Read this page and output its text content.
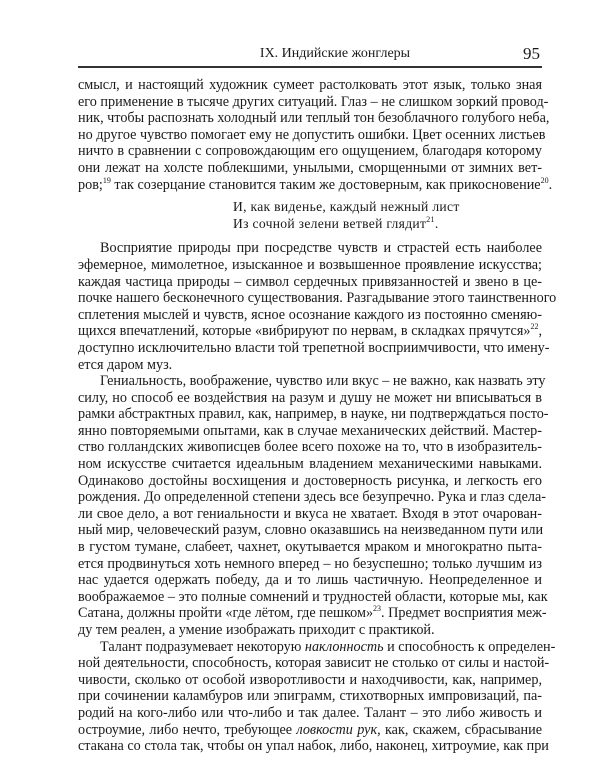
IX. Индийские жонглеры	95
смысл, и настоящий художник сумеет растолковать этот язык, только зная
его применение в тысяче других ситуаций. Глаз – не слишком зоркий провод-
ник, чтобы распознать холодный или теплый тон безоблачного голубого неба,
но другое чувство помогает ему не допустить ошибки. Цвет осенних листьев
ничто в сравнении с сопровождающим его ощущением, благодаря которому
они лежат на холсте поблекшими, унылыми, сморщенными от зимних вет-
ров;$^{19}$ так созерцание становится таким же достоверным, как прикосновение$^{20}$.
И, как виденье, каждый нежный лист
Из сочной зелени ветвей глядит$^{21}$.
Восприятие природы при посредстве чувств и страстей есть наиболее
эфемерное, мимолетное, изысканное и возвышенное проявление искусства;
каждая частица природы – символ сердечных привязанностей и звено в це-
почке нашего бесконечного существования. Разгадывание этого таинственного
сплетения мыслей и чувств, ясное осознание каждого из постоянно сменяю-
щихся впечатлений, которые «вибрируют по нервам, в складках прячутся»$^{22}$,
доступно исключительно власти той трепетной восприимчивости, что имену-
ется даром муз.
Гениальность, воображение, чувство или вкус – не важно, как назвать эту
силу, но способ ее воздействия на разум и душу не может ни вписываться в
рамки абстрактных правил, как, например, в науке, ни подтверждаться посто-
янно повторяемыми опытами, как в случае механических действий. Мастер-
ство голландских живописцев более всего похоже на то, что в изобразитель-
ном искусстве считается идеальным владением механическими навыками.
Одинаково достойны восхищения и достоверность рисунка, и легкость его
рождения. До определенной степени здесь все безупречно. Рука и глаз сдела-
ли свое дело, а вот гениальности и вкуса не хватает. Входя в этот очарован-
ный мир, человеческий разум, словно оказавшись на неизведанном пути или
в густом тумане, слабеет, чахнет, окутывается мраком и многократно пыта-
ется продвинуться хоть немного вперед – но безуспешно; только лучшим из
нас удается одержать победу, да и то лишь частичную. Неопределенное и
воображаемое – это полные сомнений и трудностей области, которые мы, как
Сатана, должны пройти «где лётом, где пешком»$^{23}$. Предмет восприятия меж-
ду тем реален, а умение изображать приходит с практикой.
Талант подразумевает некоторую наклонность и способность к определен-
ной деятельности, способность, которая зависит не столько от силы и настой-
чивости, сколько от особой изворотливости и находчивости, как, например,
при сочинении каламбуров или эпиграмм, стихотворных импровизаций, па-
родий на кого-либо или что-либо и так далее. Талант – это либо живость и
остроумие, либо нечто, требующее ловкости рук, как, скажем, сбрасывание
стакана со стола так, чтобы он упал набок, либо, наконец, хитроумие, как при
